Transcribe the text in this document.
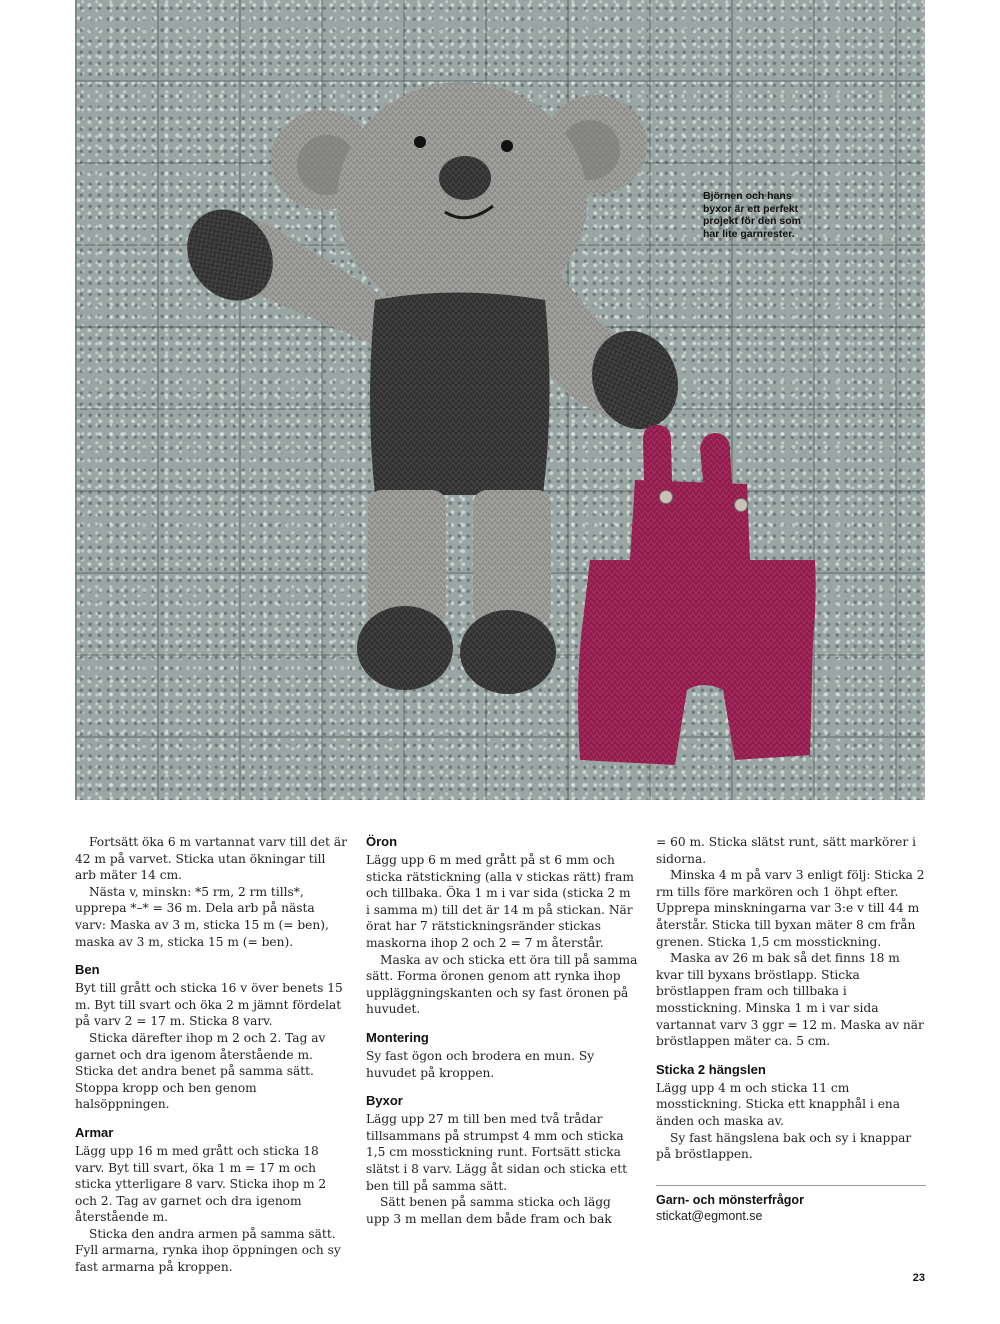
Björnen och hans byxor är ett perfekt projekt för den som har lite garnrester.

Fortsätt öka 6 m vartannat varv till det är 42 m på varvet. Sticka utan ökningar till arb mäter 14 cm.

Nästa v, minskn: *5 rm, 2 rm tills*, upprepa *–* = 36 m. Dela arb på nästa varv: Maska av 3 m, sticka 15 m (= ben), maska av 3 m, sticka 15 m (= ben).

Ben

Byt till grått och sticka 16 v över benets 15 m. Byt till svart och öka 2 m jämnt fördelat på varv 2 = 17 m. Sticka 8 varv.

Sticka därefter ihop m 2 och 2. Tag av garnet och dra igenom återstående m. Sticka det andra benet på samma sätt. Stoppa kropp och ben genom halsöppningen.

Armar

Lägg upp 16 m med grått och sticka 18 varv. Byt till svart, öka 1 m = 17 m och sticka ytterligare 8 varv. Sticka ihop m 2 och 2. Tag av garnet och dra igenom återstående m.

Sticka den andra armen på samma sätt. Fyll armarna, rynka ihop öppningen och sy fast armarna på kroppen.

Öron

Lägg upp 6 m med grått på st 6 mm och sticka rätstickning (alla v stickas rätt) fram och tillbaka. Öka 1 m i var sida (sticka 2 m i samma m) till det är 14 m på stickan. När örat har 7 rätstickningsränder stickas maskorna ihop 2 och 2 = 7 m återstår.

Maska av och sticka ett öra till på samma sätt. Forma öronen genom att rynka ihop uppläggningskanten och sy fast öronen på huvudet.

Montering

Sy fast ögon och brodera en mun. Sy huvudet på kroppen.

Byxor

Lägg upp 27 m till ben med två trådar tillsammans på strumpst 4 mm och sticka 1,5 cm mosstickning runt. Fortsätt sticka slätst i 8 varv. Lägg åt sidan och sticka ett ben till på samma sätt.

Sätt benen på samma sticka och lägg upp 3 m mellan dem både fram och bak

= 60 m. Sticka slätst runt, sätt markörer i sidorna.

Minska 4 m på varv 3 enligt följ: Sticka 2 rm tills före markören och 1 öhpt efter. Upprepa minskningarna var 3:e v till 44 m återstår. Sticka till byxan mäter 8 cm från grenen. Sticka 1,5 cm mosstickning.

Maska av 26 m bak så det finns 18 m kvar till byxans bröstlapp. Sticka bröstlappen fram och tillbaka i mosstickning. Minska 1 m i var sida vartannat varv 3 ggr = 12 m. Maska av när bröstlappen mäter ca. 5 cm.

Sticka 2 hängslen

Lägg upp 4 m och sticka 11 cm mosstickning. Sticka ett knapphål i ena änden och maska av.

Sy fast hängslena bak och sy i knappar på bröstlappen.

Garn- och mönsterfrågor

stickat@egmont.se

23
